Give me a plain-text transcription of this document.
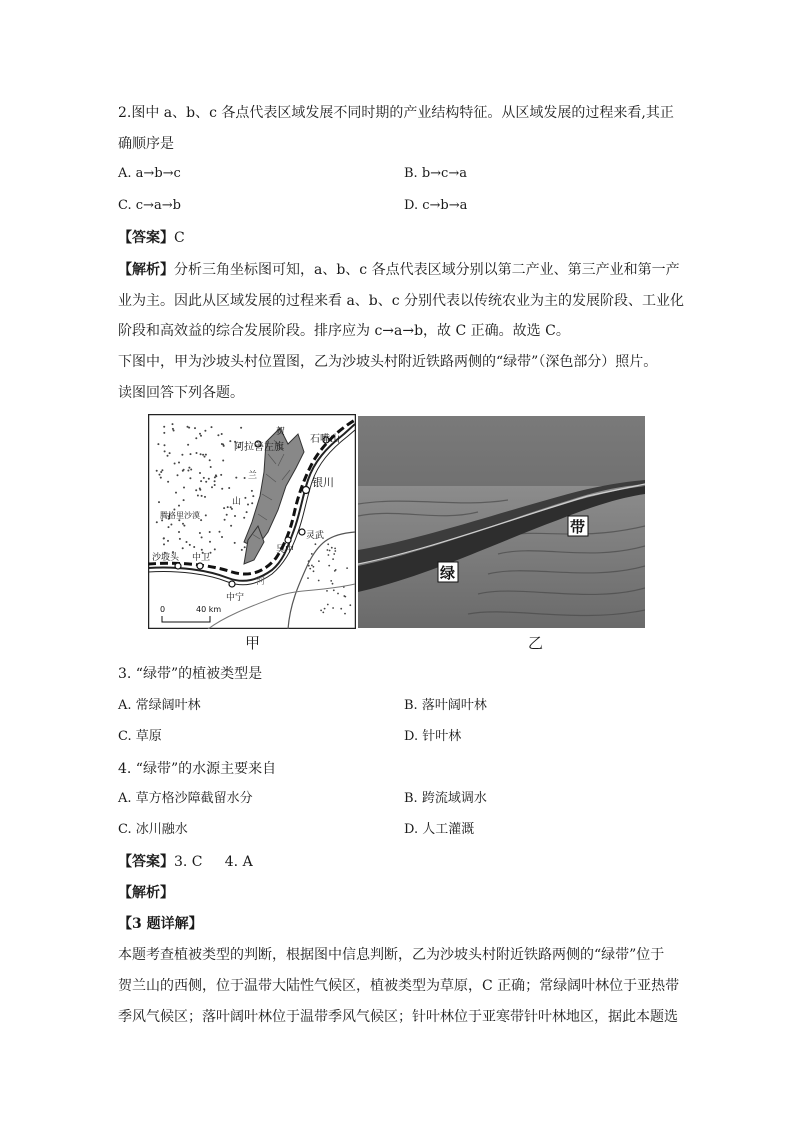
2.图中 a、b、c 各点代表区域发展不同时期的产业结构特征。从区域发展的过程来看,其正
确顺序是
A. a→b→c	B. b→c→a
C. c→a→b	D. c→b→a
【答案】C
【解析】分析三角坐标图可知，a、b、c 各点代表区域分别以第二产业、第三产业和第一产
业为主。因此从区域发展的过程来看 a、b、c 分别代表以传统农业为主的发展阶段、工业化
阶段和高效益的综合发展阶段。排序应为 c→a→b，故 C 正确。故选 C。
下图中，甲为沙坡头村位置图，乙为沙坡头村附近铁路两侧的“绿带”（深色部分）照片。
读图回答下列各题。
阿拉善左旗
贺
兰
山
石嘴山
银川
腾格里沙漠
灵武
吴中
沙坡头 中卫
中宁
河
0	40 km
甲
带
绿
乙
3. “绿带”的植被类型是
A. 常绿阔叶林	B. 落叶阔叶林
C. 草原	D. 针叶林
4. “绿带”的水源主要来自
A. 草方格沙障截留水分	B. 跨流域调水
C. 冰川融水	D. 人工灌溉
【答案】3. C     4. A
【解析】
【3 题详解】
本题考查植被类型的判断，根据图中信息判断，乙为沙坡头村附近铁路两侧的“绿带”位于
贺兰山的西侧，位于温带大陆性气候区，植被类型为草原，C 正确；常绿阔叶林位于亚热带
季风气候区；落叶阔叶林位于温带季风气候区；针叶林位于亚寒带针叶林地区，据此本题选
